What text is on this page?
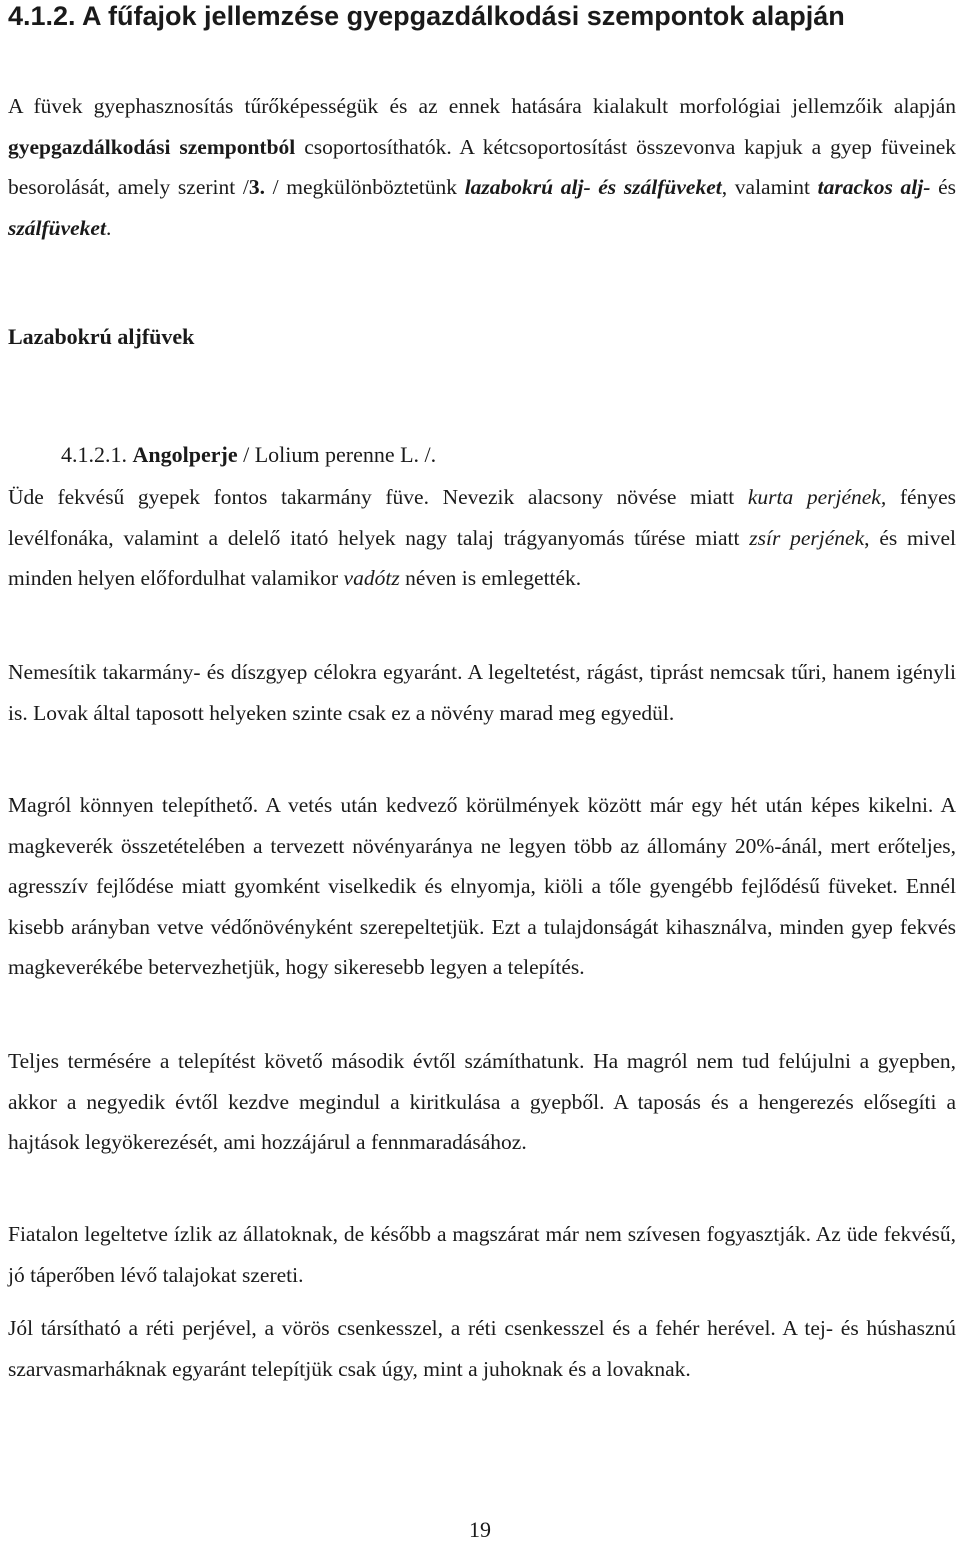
4.1.2. A fűfajok jellemzése gyepgazdálkodási szempontok alapján

A füvek gyephasznosítás tűrőképességük és az ennek hatására kialakult morfológiai jellemzőik alapján gyepgazdálkodási szempontból csoportosíthatók. A kétcsoportosítást összevonva kapjuk a gyep füveinek besorolását, amely szerint /3. / megkülönböztetünk lazabokrú alj- és szálfüveket, valamint tarackos alj- és szálfüveket.

Lazabokrú aljfüvek

4.1.2.1. Angolperje / Lolium perenne L. /.

Üde fekvésű gyepek fontos takarmány füve. Nevezik alacsony növése miatt kurta perjének, fényes levélfonáka, valamint a delelő itató helyek nagy talaj trágyanyomás tűrése miatt zsír perjének, és mivel minden helyen előfordulhat valamikor vadótz néven is emlegették.

Nemesítik takarmány- és díszgyep célokra egyaránt. A legeltetést, rágást, tiprást nemcsak tűri, hanem igényli is. Lovak által taposott helyeken szinte csak ez a növény marad meg egyedül.

Magról könnyen telepíthető. A vetés után kedvező körülmények között már egy hét után képes kikelni. A magkeverék összetételében a tervezett növényaránya ne legyen több az állomány 20%-ánál, mert erőteljes, agresszív fejlődése miatt gyomként viselkedik és elnyomja, kiöli a tőle gyengébb fejlődésű füveket. Ennél kisebb arányban vetve védőnövényként szerepeltetjük. Ezt a tulajdonságát kihasználva, minden gyep fekvés magkeverékébe betervezhetjük, hogy sikeresebb legyen a telepítés.

Teljes termésére a telepítést követő második évtől számíthatunk. Ha magról nem tud felújulni a gyepben, akkor a negyedik évtől kezdve megindul a kiritkulása a gyepből. A taposás és a hengerezés elősegíti a hajtások legyökerezését, ami hozzájárul a fennmaradásához.

Fiatalon legeltetve ízlik az állatoknak, de később a magszárat már nem szívesen fogyasztják. Az üde fekvésű, jó táperőben lévő talajokat szereti.

Jól társítható a réti perjével, a vörös csenkesszel, a réti csenkesszel és a fehér herével. A tej- és húshasznú szarvasmarháknak egyaránt telepítjük csak úgy, mint a juhoknak és a lovaknak.

19
